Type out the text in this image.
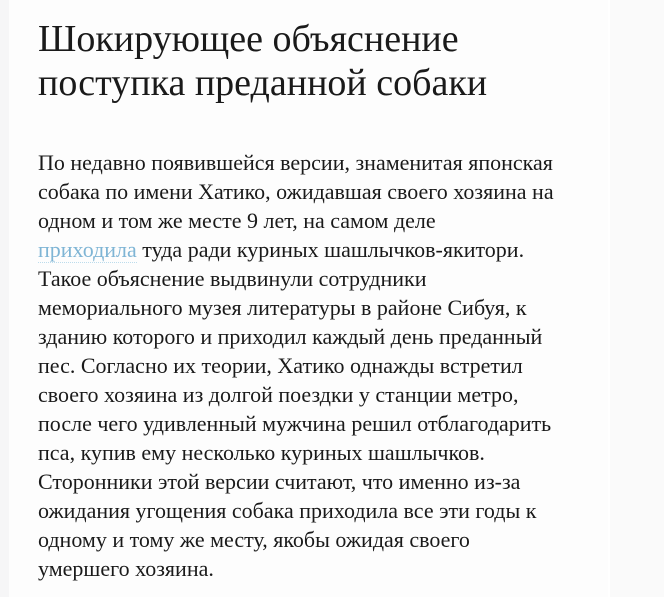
Шокирующее объяснение поступка преданной собаки
По недавно появившейся версии, знаменитая японская
собака по имени Хатико, ожидавшая своего хозяина на
одном и том же месте 9 лет, на самом деле
приходила туда ради куриных шашлычков-якитори.
Такое объяснение выдвинули сотрудники
мемориального музея литературы в районе Сибуя, к
зданию которого и приходил каждый день преданный
пес. Согласно их теории, Хатико однажды встретил
своего хозяина из долгой поездки у станции метро,
после чего удивленный мужчина решил отблагодарить
пса, купив ему несколько куриных шашлычков.
Сторонники этой версии считают, что именно из-за
ожидания угощения собака приходила все эти годы к
одному и тому же месту, якобы ожидая своего
умершего хозяина.
